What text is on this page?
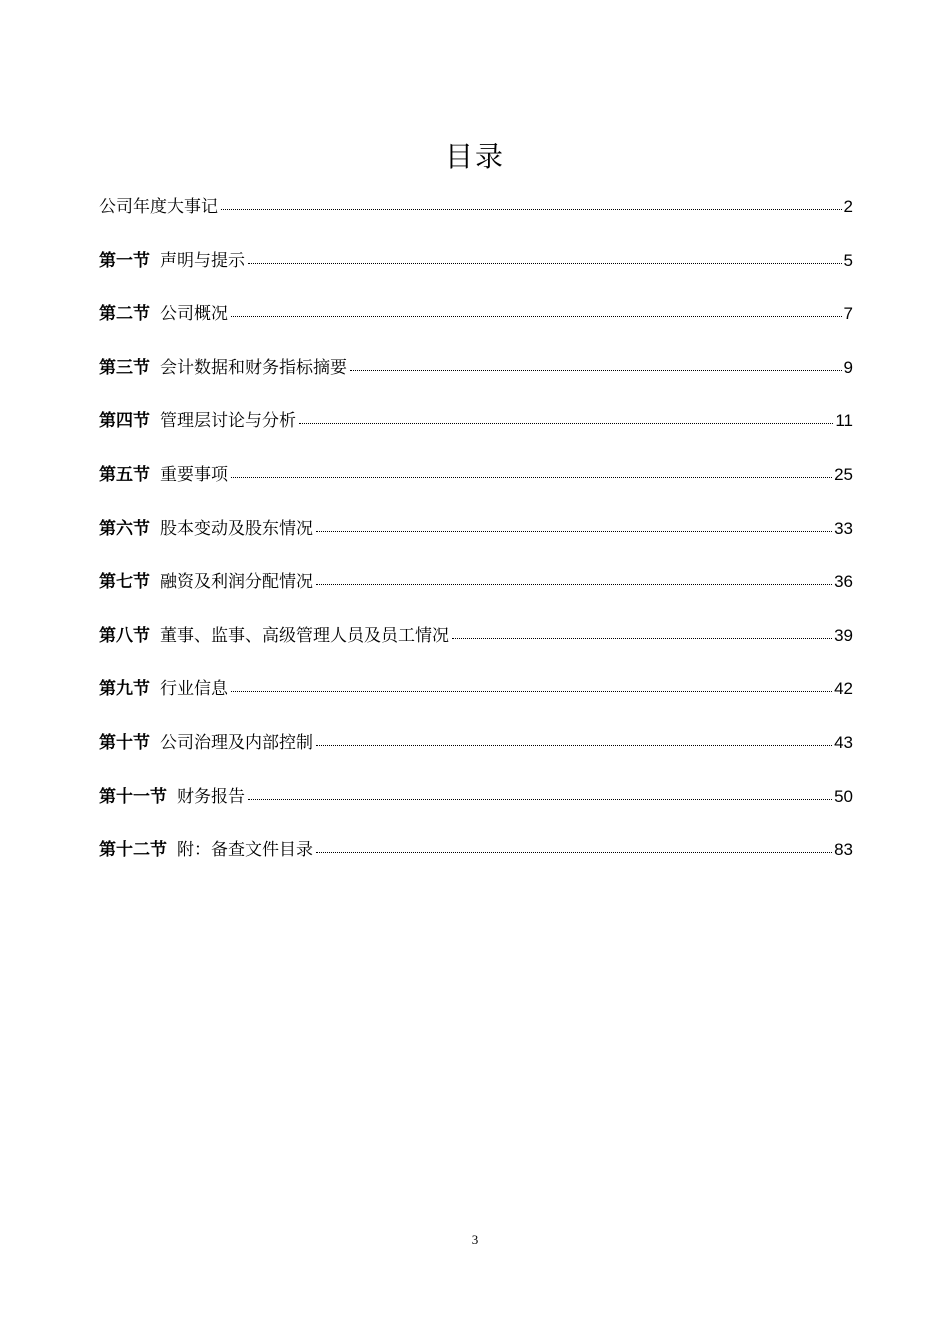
目录
公司年度大事记	2
第一节 声明与提示	5
第二节 公司概况	7
第三节 会计数据和财务指标摘要	9
第四节 管理层讨论与分析	11
第五节 重要事项	25
第六节 股本变动及股东情况	33
第七节 融资及利润分配情况	36
第八节 董事、监事、高级管理人员及员工情况	39
第九节 行业信息	42
第十节 公司治理及内部控制	43
第十一节 财务报告	50
第十二节 附：备查文件目录	83
3
